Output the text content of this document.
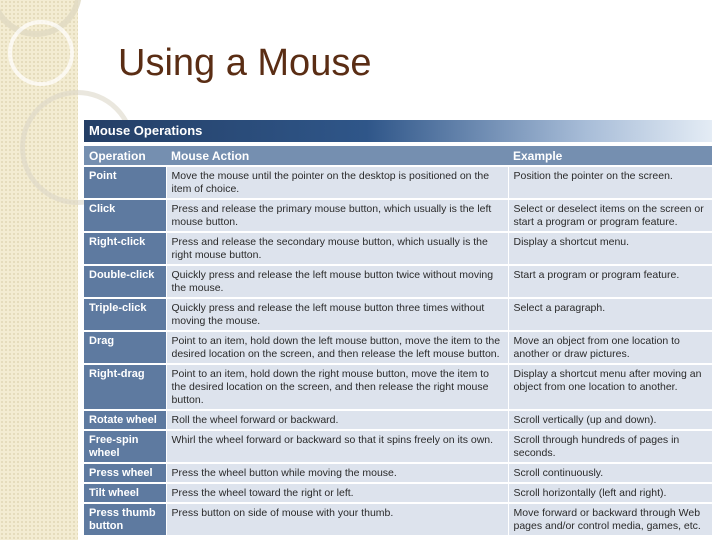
Using a Mouse
Mouse Operations
Operation	Mouse Action	Example
Point	Move the mouse until the pointer on the desktop is positioned on the item of choice.	Position the pointer on the screen.
Click	Press and release the primary mouse button, which usually is the left mouse button.	Select or deselect items on the screen or start a program or program feature.
Right-click	Press and release the secondary mouse button, which usually is the right mouse button.	Display a shortcut menu.
Double-click	Quickly press and release the left mouse button twice without moving the mouse.	Start a program or program feature.
Triple-click	Quickly press and release the left mouse button three times without moving the mouse.	Select a paragraph.
Drag	Point to an item, hold down the left mouse button, move the item to the desired location on the screen, and then release the left mouse button.	Move an object from one location to another or draw pictures.
Right-drag	Point to an item, hold down the right mouse button, move the item to the desired location on the screen, and then release the right mouse button.	Display a shortcut menu after moving an object from one location to another.
Rotate wheel	Roll the wheel forward or backward.	Scroll vertically (up and down).
Free-spin wheel	Whirl the wheel forward or backward so that it spins freely on its own.	Scroll through hundreds of pages in seconds.
Press wheel	Press the wheel button while moving the mouse.	Scroll continuously.
Tilt wheel	Press the wheel toward the right or left.	Scroll horizontally (left and right).
Press thumb button	Press button on side of mouse with your thumb.	Move forward or backward through Web pages and/or control media, games, etc.
